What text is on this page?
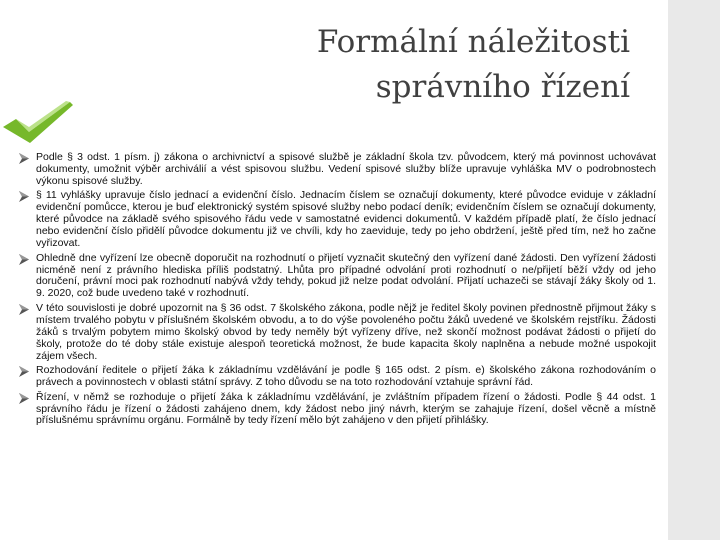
Formální náležitosti
správního řízení
Podle § 3 odst. 1 písm. j) zákona o archivnictví a spisové službě je základní škola tzv. původcem, který má povinnost uchovávat dokumenty, umožnit výběr archiválií a vést spisovou službu. Vedení spisové služby blíže upravuje vyhláška MV o podrobnostech výkonu spisové služby.
§ 11 vyhlášky upravuje číslo jednací a evidenční číslo. Jednacím číslem se označují dokumenty, které původce eviduje v základní evidenční pomůcce, kterou je buď elektronický systém spisové služby nebo podací deník; evidenčním číslem se označují dokumenty, které původce na základě svého spisového řádu vede v samostatné evidenci dokumentů. V každém případě platí, že číslo jednací nebo evidenční číslo přidělí původce dokumentu již ve chvíli, kdy ho zaeviduje, tedy po jeho obdržení, ještě před tím, než ho začne vyřizovat.
Ohledně dne vyřízení lze obecně doporučit na rozhodnutí o přijetí vyznačit skutečný den vyřízení dané žádosti. Den vyřízení žádosti nicméně není z právního hlediska příliš podstatný. Lhůta pro případné odvolání proti rozhodnutí o ne/přijetí běží vždy od jeho doručení, právní moci pak rozhodnutí nabývá vždy tehdy, pokud již nelze podat odvolání. Přijatí uchazeči se stávají žáky školy od 1. 9. 2020, což bude uvedeno také v rozhodnutí.
V této souvislosti je dobré upozornit na § 36 odst. 7 školského zákona, podle nějž je ředitel školy povinen přednostně přijmout žáky s místem trvalého pobytu v příslušném školském obvodu, a to do výše povoleného počtu žáků uvedené ve školském rejstříku. Žádosti žáků s trvalým pobytem mimo školský obvod by tedy neměly být vyřízeny dříve, než skončí možnost podávat žádosti o přijetí do školy, protože do té doby stále existuje alespoň teoretická možnost, že bude kapacita školy naplněna a nebude možné uspokojit zájem všech.
Rozhodování ředitele o přijetí žáka k základnímu vzdělávání je podle § 165 odst. 2 písm. e) školského zákona rozhodováním o právech a povinnostech v oblasti státní správy. Z toho důvodu se na toto rozhodování vztahuje správní řád.
Řízení, v němž se rozhoduje o přijetí žáka k základnímu vzdělávání, je zvláštním případem řízení o žádosti. Podle § 44 odst. 1 správního řádu je řízení o žádosti zahájeno dnem, kdy žádost nebo jiný návrh, kterým se zahajuje řízení, došel věcně a místně příslušnému správnímu orgánu. Formálně by tedy řízení mělo být zahájeno v den přijetí přihlášky.
